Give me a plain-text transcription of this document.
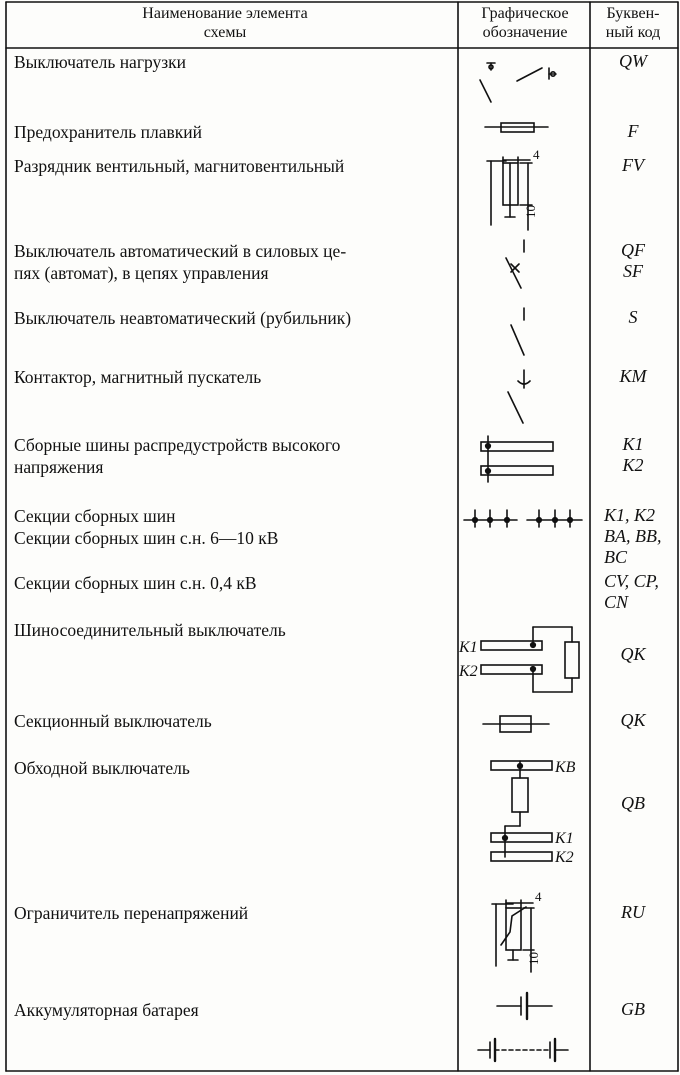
Наименование элемента
схемы
Графическое
обозначение
Буквен-
ный код
Выключатель нагрузки
Предохранитель плавкий
Разрядник вентильный, магнитовентильный
Выключатель автоматический в силовых це-
пях (автомат), в цепях управления
Выключатель неавтоматический (рубильник)
Контактор, магнитный пускатель
Сборные шины распредустройств высокого
напряжения
Секции сборных шин
Секции сборных шин с.н. 6—10 кВ
Секции сборных шин с.н. 0,4 кВ
Шиносоединительный выключатель
Секционный выключатель
Обходной выключатель
Ограничитель перенапряжений
Аккумуляторная батарея
QW
F
FV
QF
SF
S
KM
K1
K2
K1, K2
BA, BB,
BC
CV, CP,
CN
QK
QK
QB
RU
GB
4
10
K1
K2
KB
K1
K2
4
10
